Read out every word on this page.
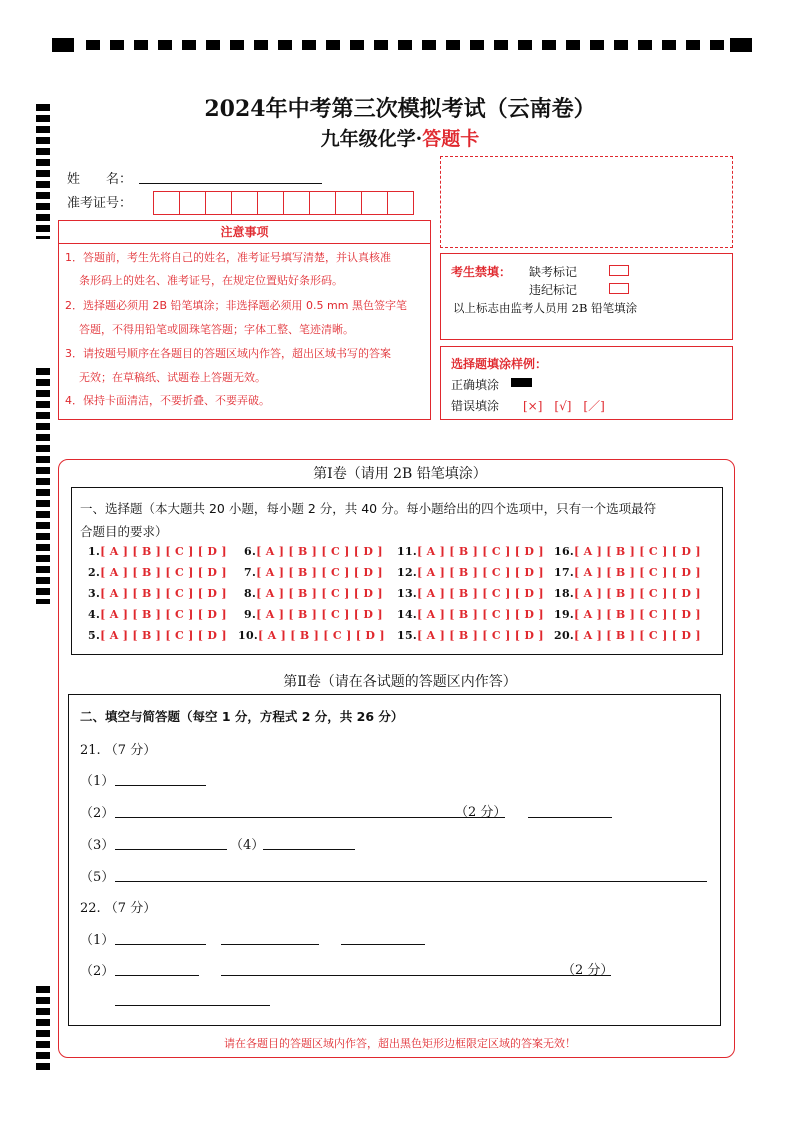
2024年中考第三次模拟考试（云南卷）
九年级化学·答题卡
姓　　名：
准考证号：
注意事项
1．答题前，考生先将自己的姓名，准考证号填写清楚，并认真核准
条形码上的姓名、准考证号，在规定位置贴好条形码。
2．选择题必须用 2B 铅笔填涂；非选择题必须用 0.5 mm 黑色签字笔
答题，不得用铅笔或圆珠笔答题；字体工整、笔迹清晰。
3．请按题号顺序在各题目的答题区域内作答，超出区域书写的答案
无效；在草稿纸、试题卷上答题无效。
4．保持卡面清洁，不要折叠、不要弄破。
考生禁填： 缺考标记
违纪标记
以上标志由监考人员用 2B 铅笔填涂
选择题填涂样例：
正确填涂
错误填涂 [×]　[√]　[／]
第Ⅰ卷（请用 2B 铅笔填涂）
一、选择题（本大题共 20 小题，每小题 2 分，共 40 分。每小题给出的四个选项中，只有一个选项最符
合题目的要求）
1.[ A ] [ B ] [ C ] [ D ]
2.[ A ] [ B ] [ C ] [ D ]
3.[ A ] [ B ] [ C ] [ D ]
4.[ A ] [ B ] [ C ] [ D ]
5.[ A ] [ B ] [ C ] [ D ]
6.[ A ] [ B ] [ C ] [ D ]
7.[ A ] [ B ] [ C ] [ D ]
8.[ A ] [ B ] [ C ] [ D ]
9.[ A ] [ B ] [ C ] [ D ]
10.[ A ] [ B ] [ C ] [ D ]
11.[ A ] [ B ] [ C ] [ D ]
12.[ A ] [ B ] [ C ] [ D ]
13.[ A ] [ B ] [ C ] [ D ]
14.[ A ] [ B ] [ C ] [ D ]
15.[ A ] [ B ] [ C ] [ D ]
16.[ A ] [ B ] [ C ] [ D ]
17.[ A ] [ B ] [ C ] [ D ]
18.[ A ] [ B ] [ C ] [ D ]
19.[ A ] [ B ] [ C ] [ D ]
20.[ A ] [ B ] [ C ] [ D ]
第Ⅱ卷（请在各试题的答题区内作答）
二、填空与简答题（每空 1 分，方程式 2 分，共 26 分）
21. （7 分）
（1）
（2）	（2 分）
（3）	（4）
（5）
22. （7 分）
（1）
（2）	（2 分）
请在各题目的答题区域内作答，超出黑色矩形边框限定区域的答案无效！
